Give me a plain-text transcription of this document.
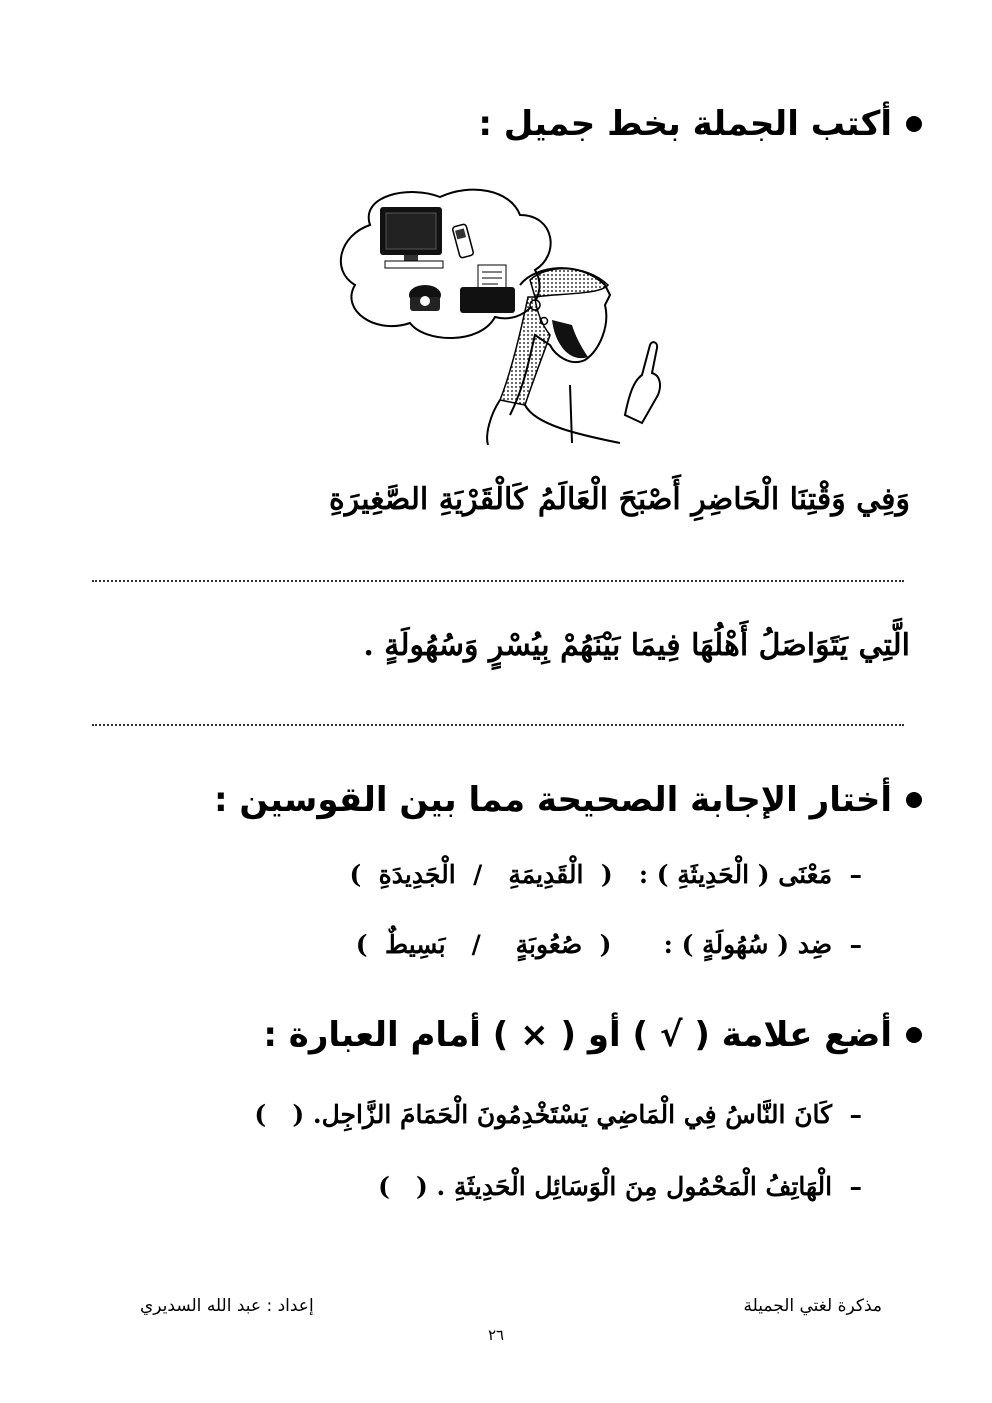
أكتب الجملة بخط جميل :
وَفِي وَقْتِنَا الْحَاضِرِ أَصْبَحَ الْعَالَمُ كَالْقَرْيَةِ الصَّغِيرَةِ
الَّتِي يَتَوَاصَلُ أَهْلُهَا فِيمَا بَيْنَهُمْ بِيُسْرٍ وَسُهُولَةٍ .
أختار الإجابة الصحيحة مما بين القوسين :
–  مَعْنَى ( الْحَدِيثَةِ ) :   (  الْقَدِيمَةِ   /  الْجَدِيدَةِ  )
–  ضِد ( سُهُولَةٍ ) :      (  صُعُوبَةٍ    /   بَسِيطٌ  )
أضع علامة ( √ ) أو ( × ) أمام العبارة :
–  كَانَ النَّاسُ فِي الْمَاضِي يَسْتَخْدِمُونَ الْحَمَامَ الزَّاجِل. (   )
–  الْهَاتِفُ الْمَحْمُول مِنَ الْوَسَائِل الْحَدِيثَةِ . (   )
مذكرة لغتي الجميلة
إعداد : عبد الله السديري
٢٦
